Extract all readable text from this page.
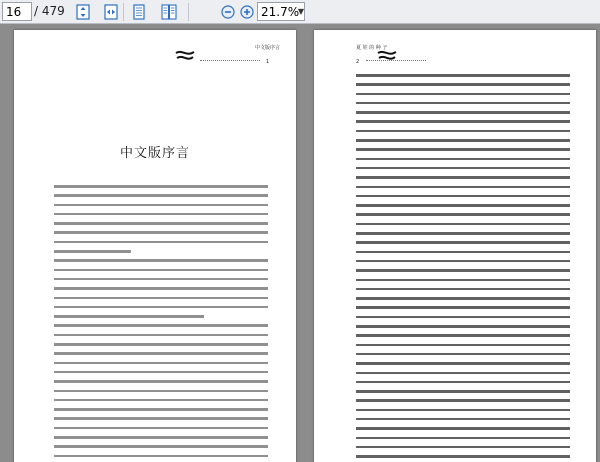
16
/ 479
21.7%	▼
中文版序言
1
中文版序言
夏 娃 的 种 子
2
